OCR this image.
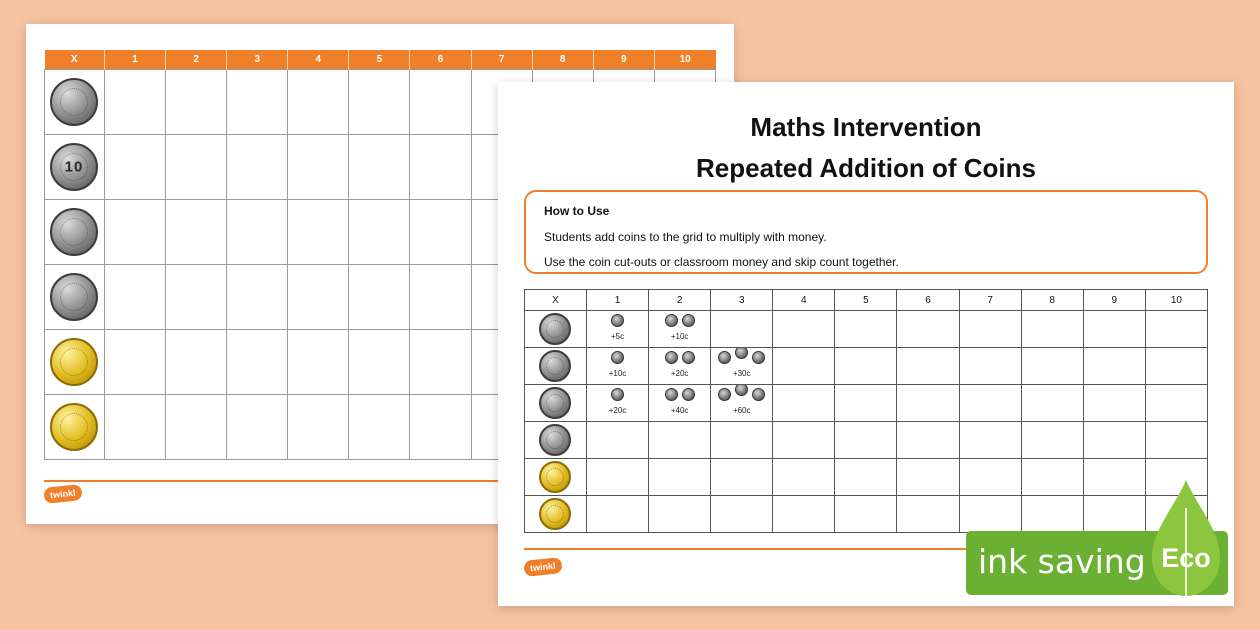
X	1	2	3	4	5	6	7	8	9	10

10										

twinkl
Maths Intervention
Repeated Addition of Coins
How to Use
Students add coins to the grid to multiply with money.
Use the coin cut-outs or classroom money and skip count together.
X	1	2	3	4	5	6	7	8	9	10

	+5c	+10c								

	+10c	+20c	+30c							

	+20c	+40c	+60c							

twinkl	ink saving Eco
